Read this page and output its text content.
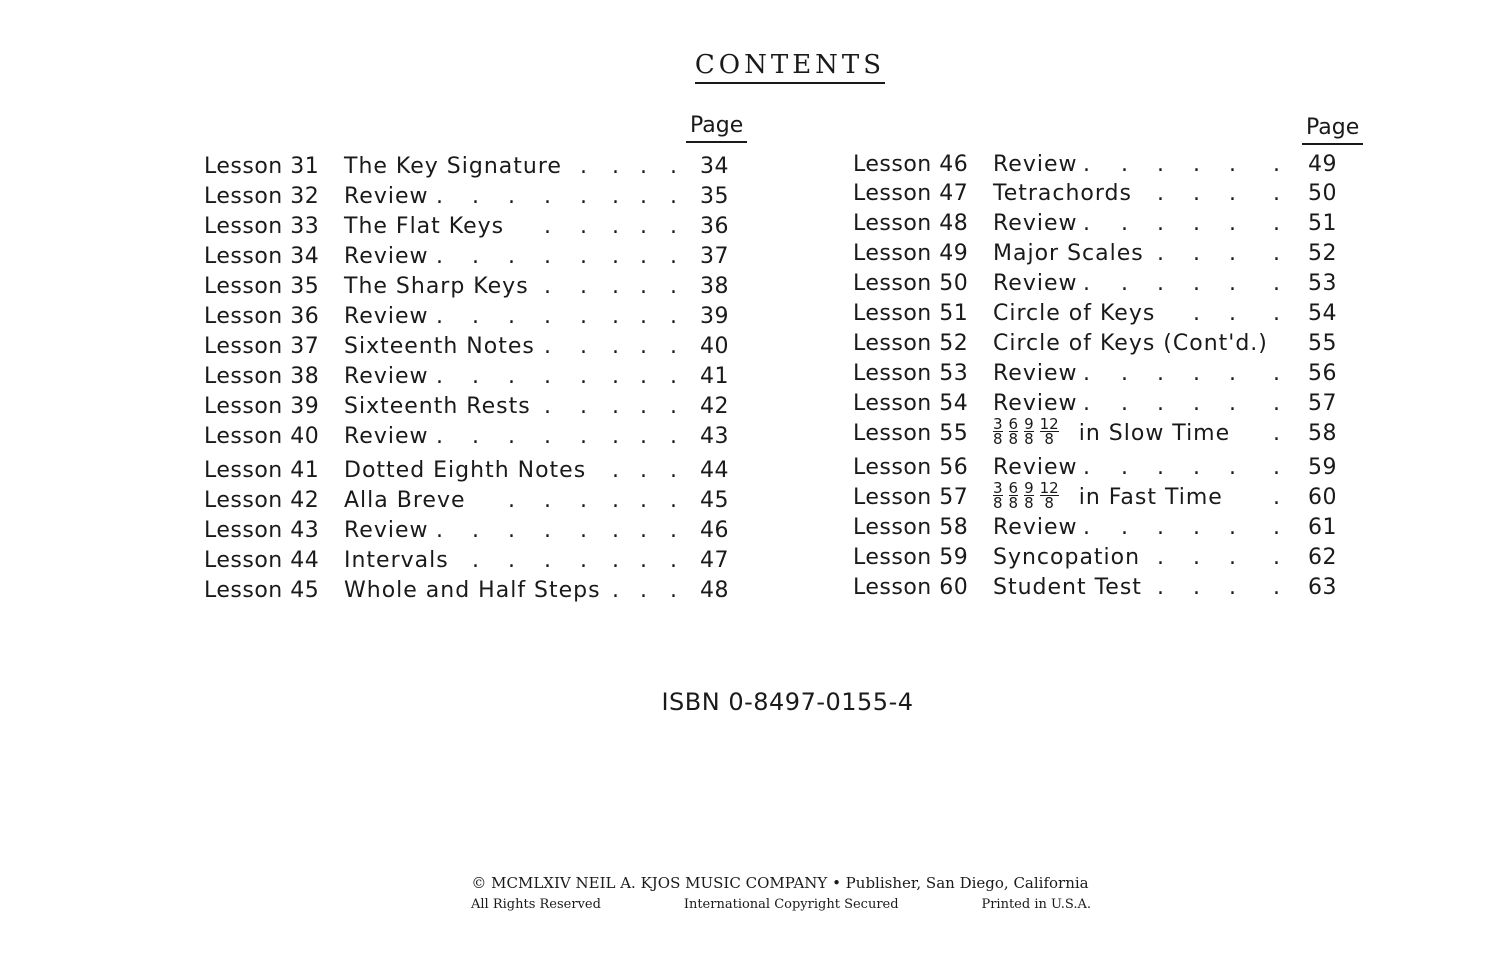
CONTENTS
Page	Page
Lesson 31 The Key Signature . . . . 34
Lesson 32 Review . . . . . . . . 35
Lesson 33 The Flat Keys . . . . . 36
Lesson 34 Review . . . . . . . . 37
Lesson 35 The Sharp Keys . . . . . 38
Lesson 36 Review . . . . . . . . 39
Lesson 37 Sixteenth Notes . . . . . 40
Lesson 38 Review . . . . . . . . 41
Lesson 39 Sixteenth Rests . . . . . 42
Lesson 40 Review . . . . . . . . 43
Lesson 41 Dotted Eighth Notes . . . 44
Lesson 42 Alla Breve . . . . . . 45
Lesson 43 Review . . . . . . . . 46
Lesson 44 Intervals . . . . . . . 47
Lesson 45 Whole and Half Steps . . . 48
Lesson 46 Review . . . . . . 49
Lesson 47 Tetrachords . . . . 50
Lesson 48 Review . . . . . . 51
Lesson 49 Major Scales . . . . 52
Lesson 50 Review . . . . . . 53
Lesson 51 Circle of Keys . . . 54
Lesson 52 Circle of Keys (Cont'd.) 55
Lesson 53 Review . . . . . . 56
Lesson 54 Review . . . . . . 57
Lesson $55 \frac{3}{8} \frac{6}{8} \frac{9}{8} \frac{12}{8}$ in Slow Time . 58
Lesson 56 Review . . . . . . 59
Lesson $57 \frac{3}{8} \frac{6}{8} \frac{9}{8} \frac{12}{8}$ in Fast Time . 60
Lesson 58 Review . . . . . . 61
Lesson 59 Syncopation . . . . 62
Lesson 60 Student Test . . . . 63
ISBN 0-8497-0155-4
© MCMLXIV NEIL A. KJOS MUSIC COMPANY • Publisher, San Diego, California
All Rights Reserved	International Copyright Secured	Printed in U.S.A.
